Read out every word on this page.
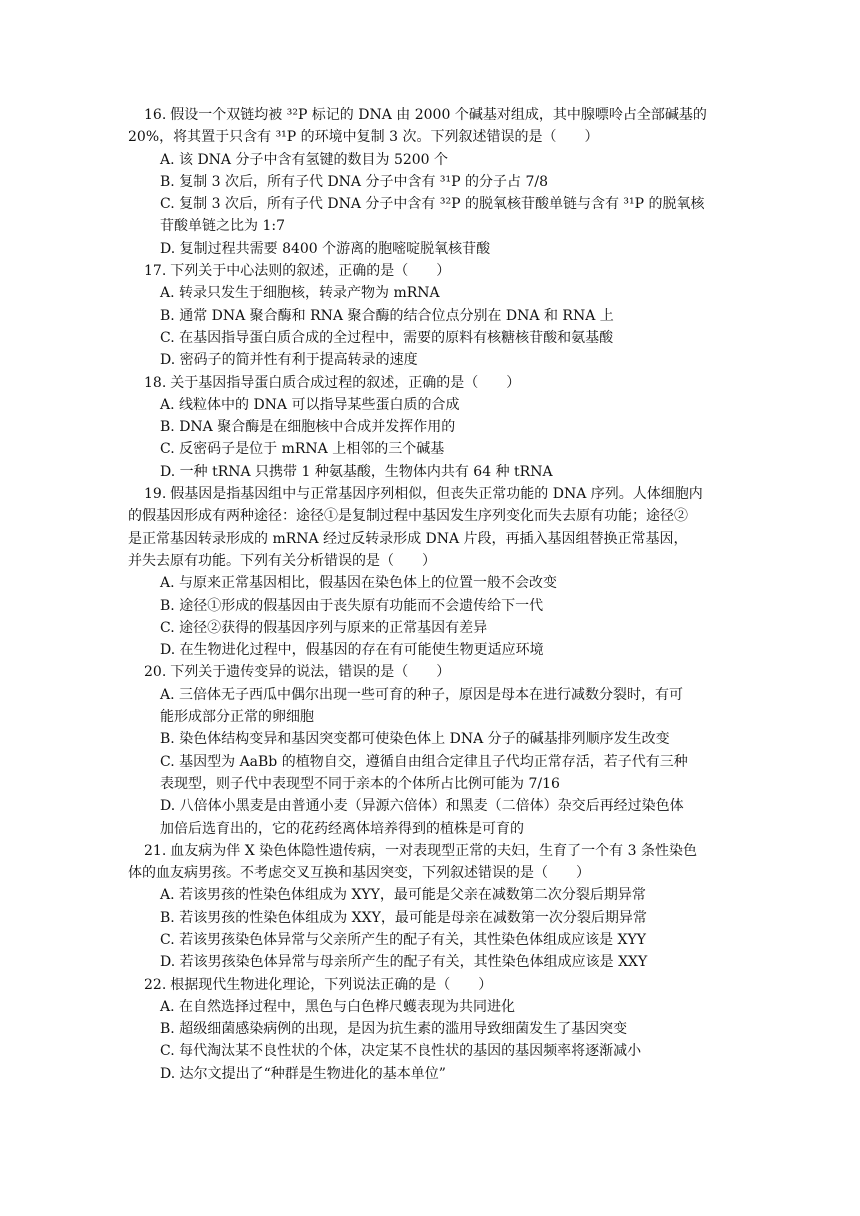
16. 假设一个双链均被 ³²P 标记的 DNA 由 2000 个碱基对组成，其中腺嘌呤占全部碱基的
20%，将其置于只含有 ³¹P 的环境中复制 3 次。下列叙述错误的是（　　）
A. 该 DNA 分子中含有氢键的数目为 5200 个
B. 复制 3 次后，所有子代 DNA 分子中含有 ³¹P 的分子占 7/8
C. 复制 3 次后，所有子代 DNA 分子中含有 ³²P 的脱氧核苷酸单链与含有 ³¹P 的脱氧核
苷酸单链之比为 1:7
D. 复制过程共需要 8400 个游离的胞嘧啶脱氧核苷酸
17. 下列关于中心法则的叙述，正确的是（　　）
A. 转录只发生于细胞核，转录产物为 mRNA
B. 通常 DNA 聚合酶和 RNA 聚合酶的结合位点分别在 DNA 和 RNA 上
C. 在基因指导蛋白质合成的全过程中，需要的原料有核糖核苷酸和氨基酸
D. 密码子的简并性有利于提高转录的速度
18. 关于基因指导蛋白质合成过程的叙述，正确的是（　　）
A. 线粒体中的 DNA 可以指导某些蛋白质的合成
B. DNA 聚合酶是在细胞核中合成并发挥作用的
C. 反密码子是位于 mRNA 上相邻的三个碱基
D. 一种 tRNA 只携带 1 种氨基酸，生物体内共有 64 种 tRNA
19. 假基因是指基因组中与正常基因序列相似，但丧失正常功能的 DNA 序列。人体细胞内
的假基因形成有两种途径：途径①是复制过程中基因发生序列变化而失去原有功能；途径②
是正常基因转录形成的 mRNA 经过反转录形成 DNA 片段，再插入基因组替换正常基因，
并失去原有功能。下列有关分析错误的是（　　）
A. 与原来正常基因相比，假基因在染色体上的位置一般不会改变
B. 途径①形成的假基因由于丧失原有功能而不会遗传给下一代
C. 途径②获得的假基因序列与原来的正常基因有差异
D. 在生物进化过程中，假基因的存在有可能使生物更适应环境
20. 下列关于遗传变异的说法，错误的是（　　）
A. 三倍体无子西瓜中偶尔出现一些可育的种子，原因是母本在进行减数分裂时，有可
能形成部分正常的卵细胞
B. 染色体结构变异和基因突变都可使染色体上 DNA 分子的碱基排列顺序发生改变
C. 基因型为 AaBb 的植物自交，遵循自由组合定律且子代均正常存活，若子代有三种
表现型，则子代中表现型不同于亲本的个体所占比例可能为 7/16
D. 八倍体小黑麦是由普通小麦（异源六倍体）和黑麦（二倍体）杂交后再经过染色体
加倍后选育出的，它的花药经离体培养得到的植株是可育的
21. 血友病为伴 X 染色体隐性遗传病，一对表现型正常的夫妇，生育了一个有 3 条性染色
体的血友病男孩。不考虑交叉互换和基因突变，下列叙述错误的是（　　）
A. 若该男孩的性染色体组成为 XYY，最可能是父亲在减数第二次分裂后期异常
B. 若该男孩的性染色体组成为 XXY，最可能是母亲在减数第一次分裂后期异常
C. 若该男孩染色体异常与父亲所产生的配子有关，其性染色体组成应该是 XYY
D. 若该男孩染色体异常与母亲所产生的配子有关，其性染色体组成应该是 XXY
22. 根据现代生物进化理论，下列说法正确的是（　　）
A. 在自然选择过程中，黑色与白色桦尺蠖表现为共同进化
B. 超级细菌感染病例的出现，是因为抗生素的滥用导致细菌发生了基因突变
C. 每代淘汰某不良性状的个体，决定某不良性状的基因的基因频率将逐渐减小
D. 达尔文提出了“种群是生物进化的基本单位”
